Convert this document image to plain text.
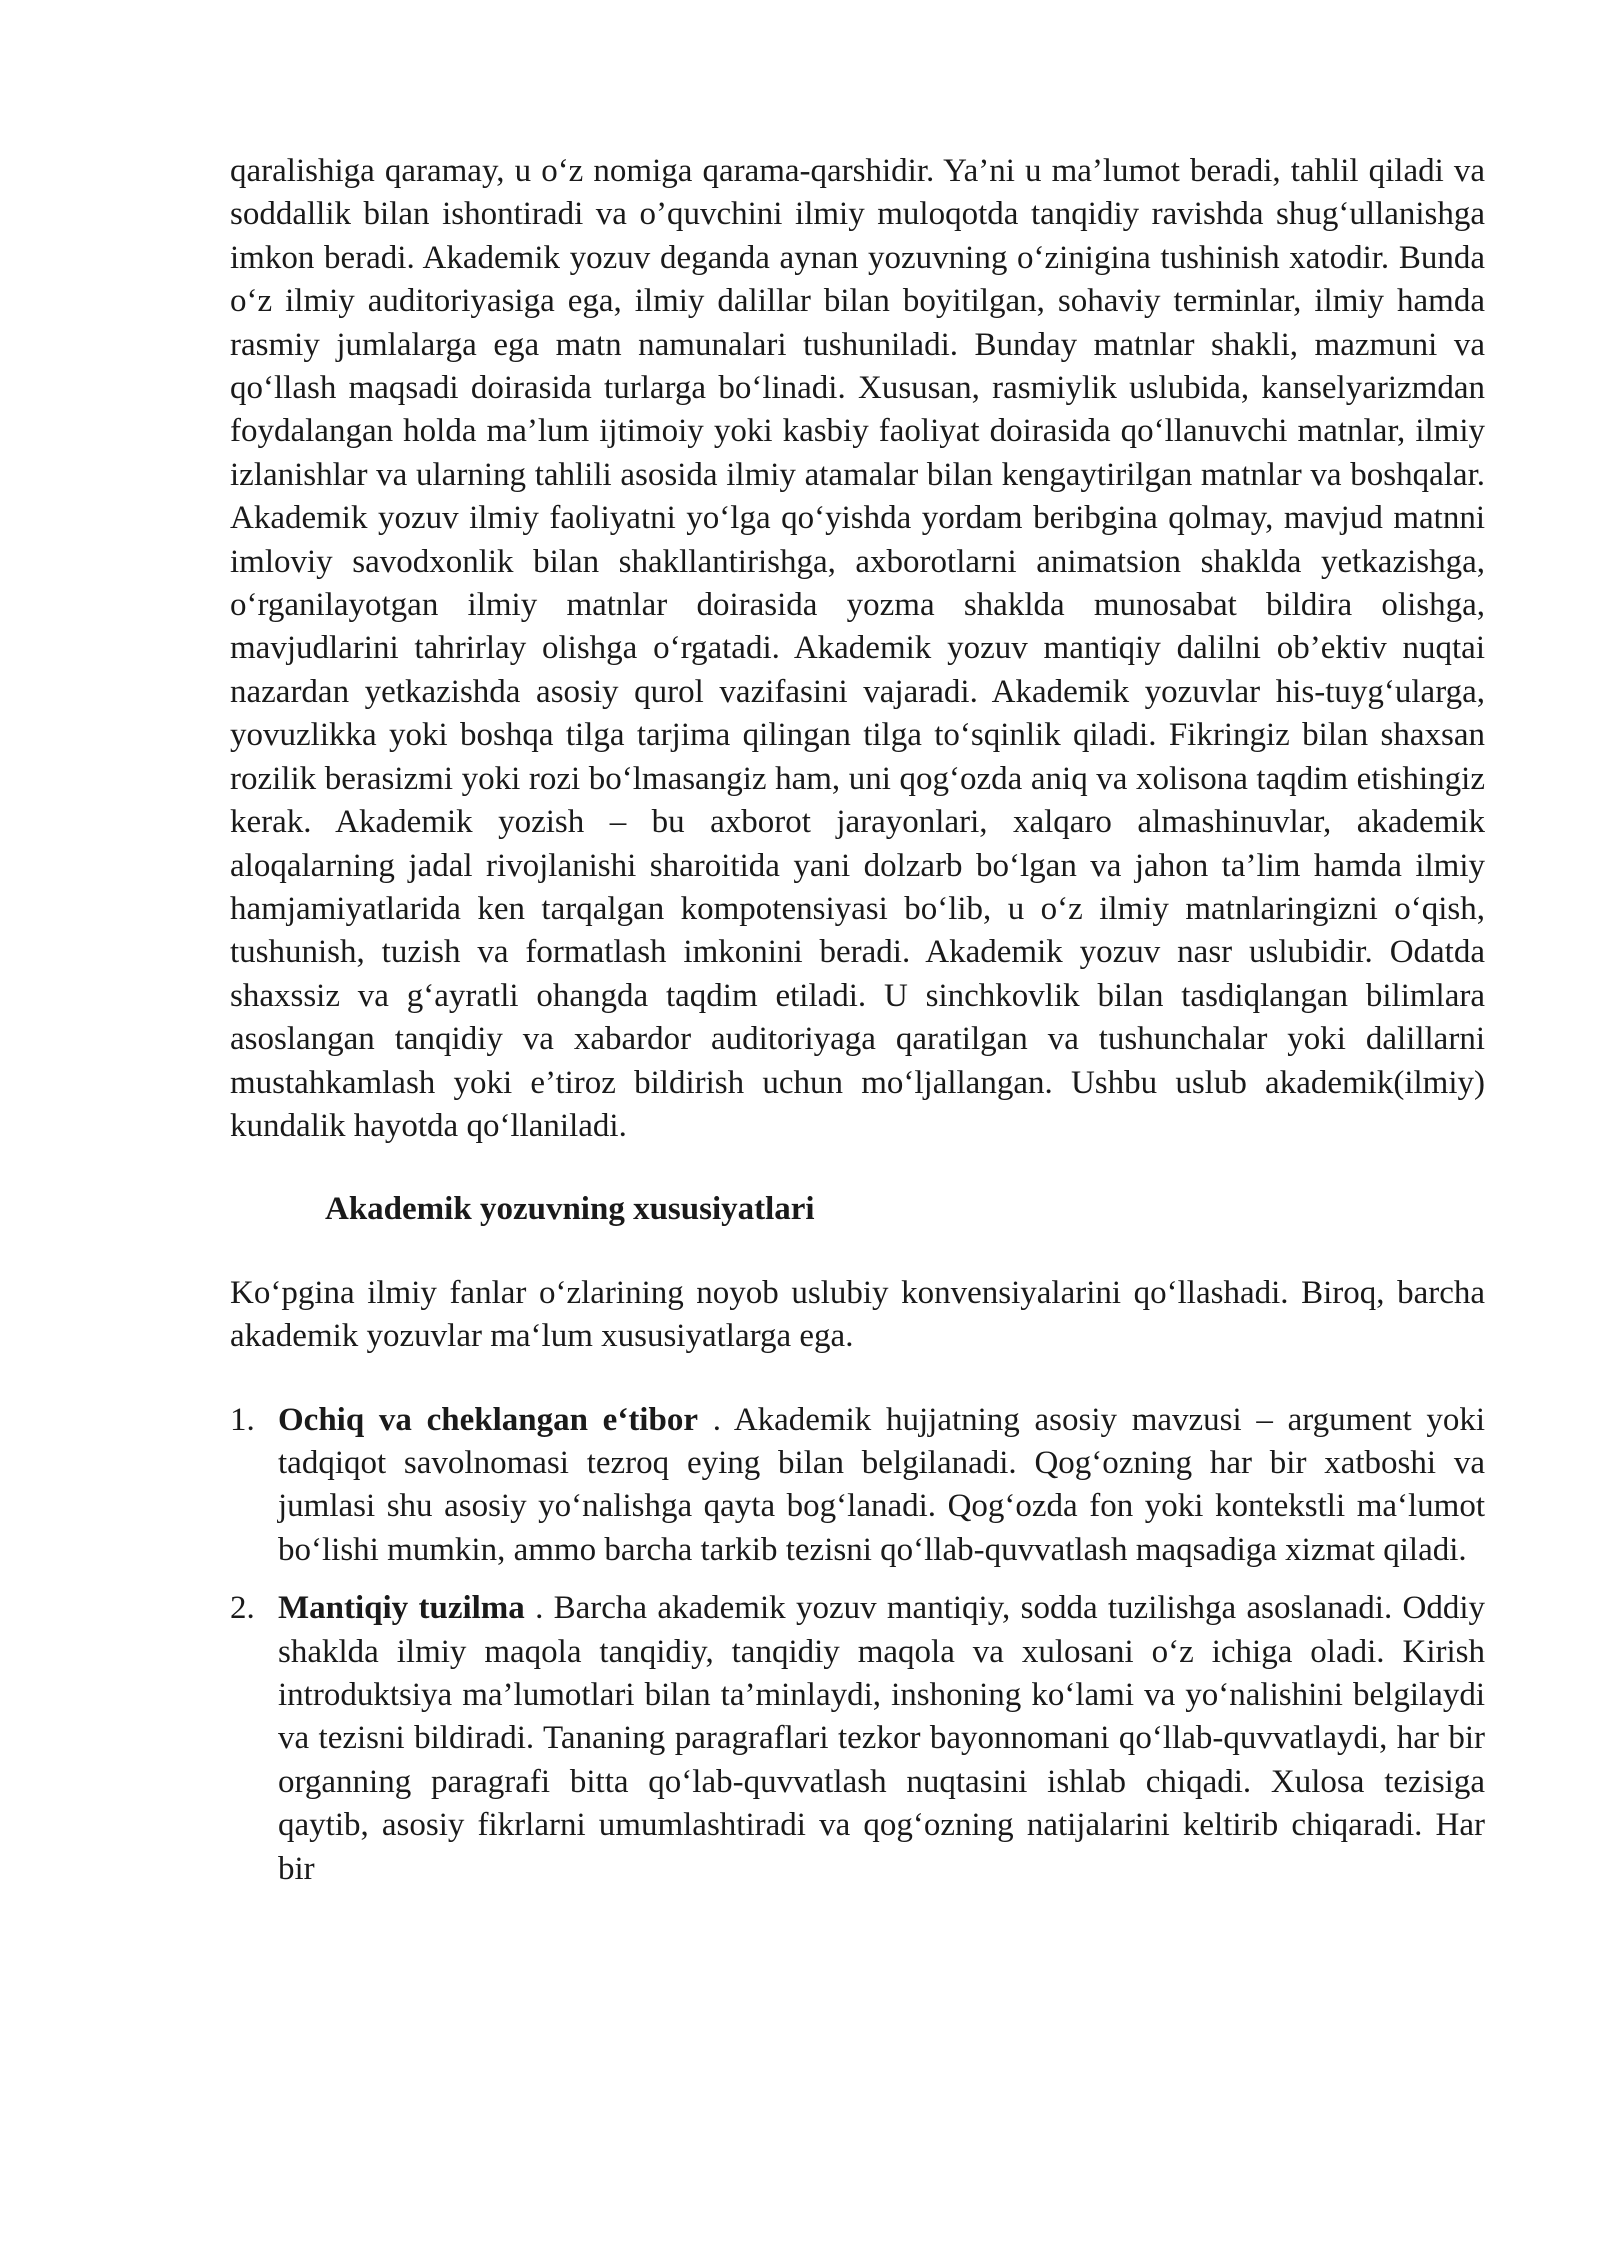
qaralishiga qaramay, u o‘z nomiga qarama-qarshidir. Ya’ni u ma’lumot beradi, tahlil qiladi va soddallik bilan ishontiradi va o’quvchini ilmiy muloqotda tanqidiy ravishda shug‘ullanishga imkon beradi. Akademik yozuv deganda aynan yozuvning o‘zinigina tushinish xatodir. Bunda o‘z ilmiy auditoriyasiga ega, ilmiy dalillar bilan boyitilgan, sohaviy terminlar, ilmiy hamda rasmiy jumlalarga ega matn namunalari tushuniladi. Bunday matnlar shakli, mazmuni va qo‘llash maqsadi doirasida turlarga bo‘linadi. Xususan, rasmiylik uslubida, kanselyarizmdan foydalangan holda ma’lum ijtimoiy yoki kasbiy faoliyat doirasida qo‘llanuvchi matnlar, ilmiy izlanishlar va ularning tahlili asosida ilmiy atamalar bilan kengaytirilgan matnlar va boshqalar. Akademik yozuv ilmiy faoliyatni yo‘lga qo‘yishda yordam beribgina qolmay, mavjud matnni imloviy savodxonlik bilan shakllantirishga, axborotlarni animatsion shaklda yetkazishga, o‘rganilayotgan ilmiy matnlar doirasida yozma shaklda munosabat bildira olishga, mavjudlarini tahrirlay olishga o‘rgatadi. Akademik yozuv mantiqiy dalilni ob’ektiv nuqtai nazardan yetkazishda asosiy qurol vazifasini vajaradi. Akademik yozuvlar his-tuyg‘ularga, yovuzlikka yoki boshqa tilga tarjima qilingan tilga to‘sqinlik qiladi. Fikringiz bilan shaxsan rozilik berasizmi yoki rozi bo‘lmasangiz ham, uni qog‘ozda aniq va xolisona taqdim etishingiz kerak. Akademik yozish – bu axborot jarayonlari, xalqaro almashinuvlar, akademik aloqalarning jadal rivojlanishi sharoitida yani dolzarb bo‘lgan va jahon ta’lim hamda ilmiy hamjamiyatlarida ken tarqalgan kompotensiyasi bo‘lib, u o‘z ilmiy matnlaringizni o‘qish, tushunish, tuzish va formatlash imkonini beradi. Akademik yozuv nasr uslubidir. Odatda shaxssiz va g‘ayratli ohangda taqdim etiladi. U sinchkovlik bilan tasdiqlangan bilimlara asoslangan tanqidiy va xabardor auditoriyaga qaratilgan va tushunchalar yoki dalillarni mustahkamlash yoki e’tiroz bildirish uchun mo‘ljallangan. Ushbu uslub akademik(ilmiy) kundalik hayotda qo‘llaniladi.

Akademik yozuvning xususiyatlari

Ko‘pgina ilmiy fanlar o‘zlarining noyob uslubiy konvensiyalarini qo‘llashadi. Biroq, barcha akademik yozuvlar ma‘lum xususiyatlarga ega.

1. Ochiq va cheklangan e‘tibor . Akademik hujjatning asosiy mavzusi – argument yoki tadqiqot savolnomasi tezroq eying bilan belgilanadi. Qog‘ozning har bir xatboshi va jumlasi shu asosiy yo‘nalishga qayta bog‘lanadi. Qog‘ozda fon yoki kontekstli ma‘lumot bo‘lishi mumkin, ammo barcha tarkib tezisni qo‘llab-quvvatlash maqsadiga xizmat qiladi.
2. Mantiqiy tuzilma . Barcha akademik yozuv mantiqiy, sodda tuzilishga asoslanadi. Oddiy shaklda ilmiy maqola tanqidiy, tanqidiy maqola va xulosani o‘z ichiga oladi. Kirish introduktsiya ma’lumotlari bilan ta’minlaydi, inshoning ko‘lami va yo‘nalishini belgilaydi va tezisni bildiradi. Tananing paragraflari tezkor bayonnomani qo‘llab-quvvatlaydi, har bir organning paragrafi bitta qo‘lab-quvvatlash nuqtasini ishlab chiqadi. Xulosa tezisiga qaytib, asosiy fikrlarni umumlashtiradi va qog‘ozning natijalarini keltirib chiqaradi. Har bir
